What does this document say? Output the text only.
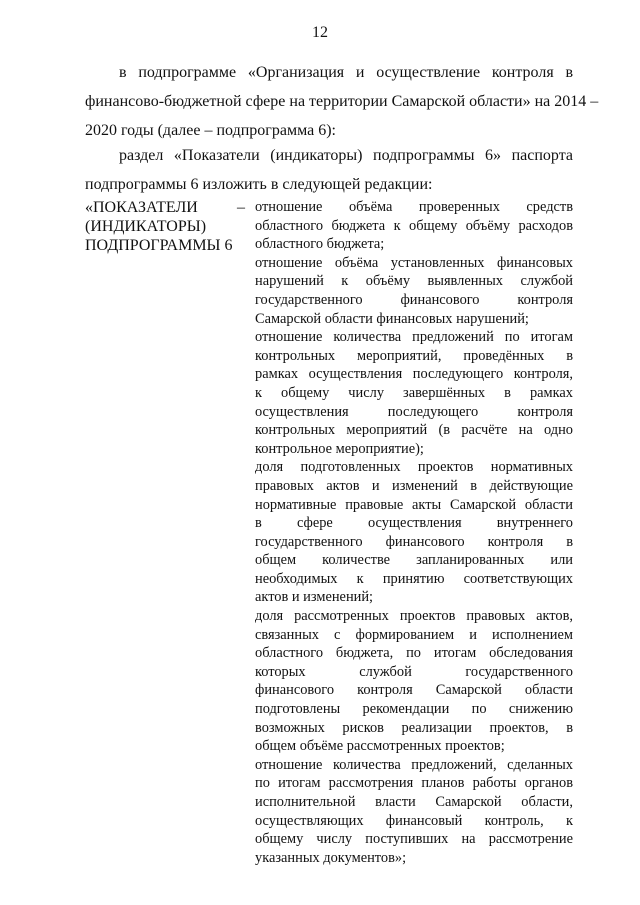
12
в подпрограмме «Организация и осуществление контроля в
финансово-бюджетной сфере на территории Самарской области» на 2014 –
2020 годы (далее – подпрограмма 6):
раздел «Показатели (индикаторы) подпрограммы 6» паспорта
подпрограммы 6 изложить в следующей редакции:
«ПОКАЗАТЕЛИ
(ИНДИКАТОРЫ)
ПОДПРОГРАММЫ 6
– отношение объёма проверенных средств
областного бюджета к общему объёму расходов
областного бюджета;
отношение объёма установленных финансовых
нарушений к объёму выявленных службой
государственного финансового контроля
Самарской области финансовых нарушений;
отношение количества предложений по итогам
контрольных мероприятий, проведённых в
рамках осуществления последующего контроля,
к общему числу завершённых в рамках
осуществления последующего контроля
контрольных мероприятий (в расчёте на одно
контрольное мероприятие);
доля подготовленных проектов нормативных
правовых актов и изменений в действующие
нормативные правовые акты Самарской области
в сфере осуществления внутреннего
государственного финансового контроля в
общем количестве запланированных или
необходимых к принятию соответствующих
актов и изменений;
доля рассмотренных проектов правовых актов,
связанных с формированием и исполнением
областного бюджета, по итогам обследования
которых службой государственного
финансового контроля Самарской области
подготовлены рекомендации по снижению
возможных рисков реализации проектов, в
общем объёме рассмотренных проектов;
отношение количества предложений, сделанных
по итогам рассмотрения планов работы органов
исполнительной власти Самарской области,
осуществляющих финансовый контроль, к
общему числу поступивших на рассмотрение
указанных документов»;
